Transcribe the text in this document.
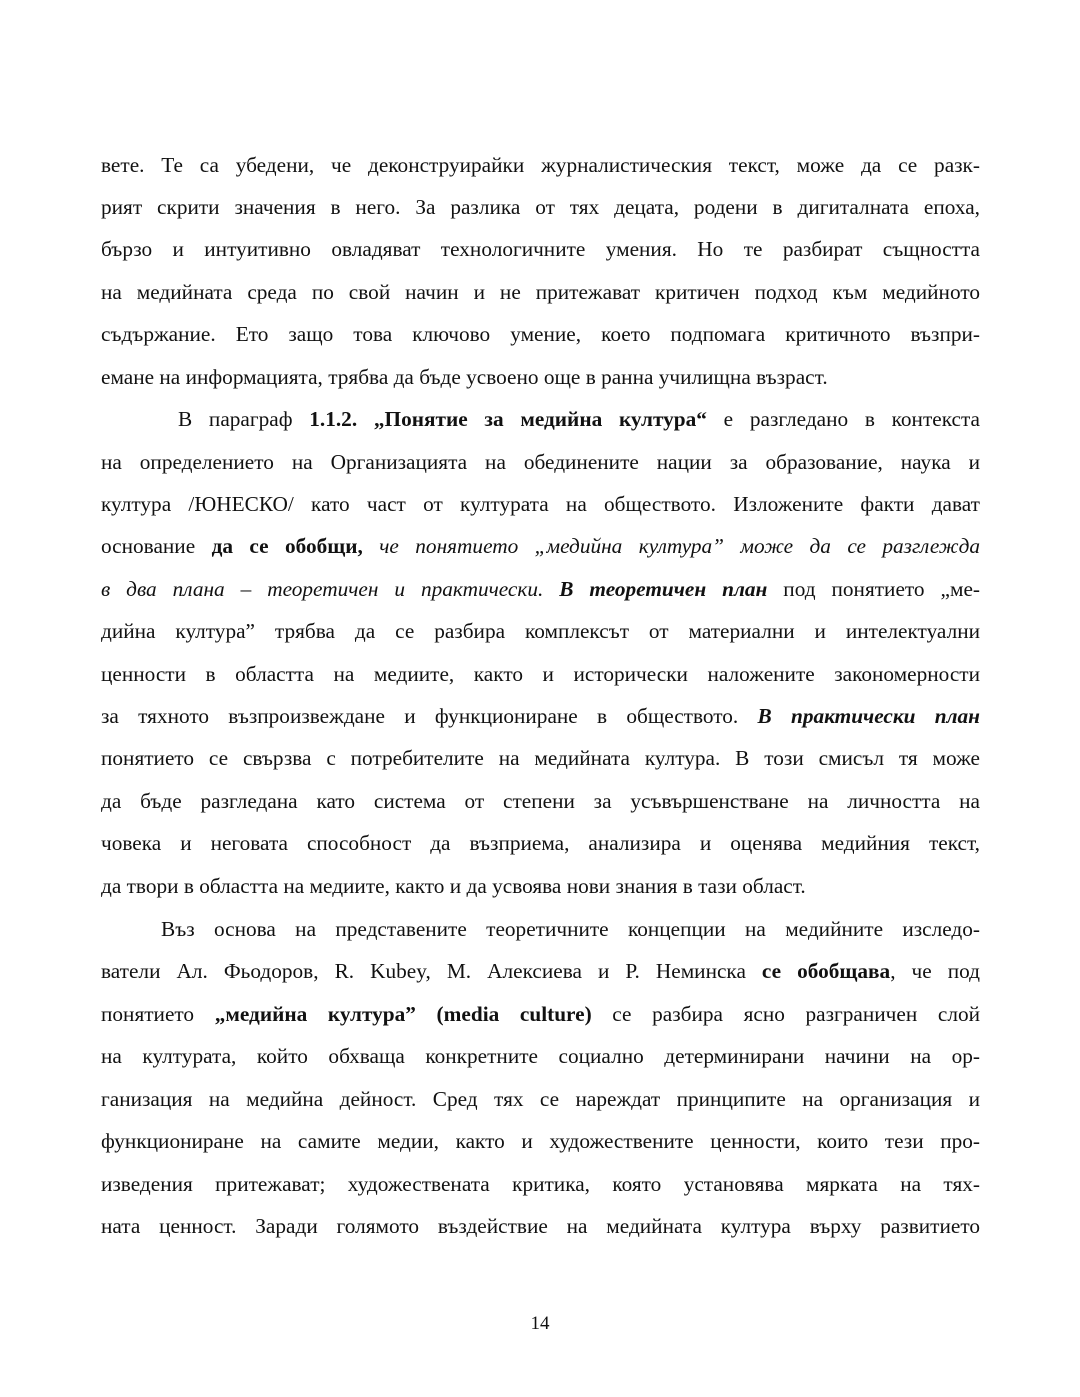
вете. Те са убедени, че деконструирайки журналистическия текст, може да се разк-
рият скрити значения в него. За разлика от тях децата, родени в дигиталната епоха,
бързо и интуитивно овладяват технологичните умения. Но те разбират същността
на медийната среда по свой начин и не притежават критичен подход към медийното
съдържание. Ето защо това ключово умение, което подпомага критичното възпри-
емане на информацията, трябва да бъде усвоено още в ранна училищна възраст.
В параграф 1.1.2. „Понятие за медийна култура“ е разгледано в контекста
на определението на Организацията на обединените нации за образование, наука и
култура /ЮНЕСКО/ като част от културата на обществото. Изложените факти дават
основание да се обобщи, че понятието „медийна култура” може да се разглежда
в два плана – теоретичен и практически. В теоретичен план под понятието „ме-
дийна култура” трябва да се разбира комплексът от материални и интелектуални
ценности в областта на медиите, както и исторически наложените закономерности
за тяхното възпроизвеждане и функциониране в обществото. В практически план
понятието се свързва с потребителите на медийната култура. В този смисъл тя може
да бъде разгледана като система от степени за усъвършенстване на личността на
човека и неговата способност да възприема, анализира и оценява медийния текст,
да твори в областта на медиите, както и да усвоява нови знания в тази област.
Въз основа на представените теоретичните концепции на медийните изследо-
ватели Ал. Фьодоров, R. Kubey, М. Алексиева и Р. Неминска се обобщава, че под
понятието „медийна култура” (media culture) се разбира ясно разграничен слой
на културата, който обхваща конкретните социално детерминирани начини на ор-
ганизация на медийна дейност. Сред тях се нареждат принципите на организация и
функциониране на самите медии, както и художествените ценности, които тези про-
изведения притежават; художествената критика, която установява мярката на тях-
ната ценност. Заради голямото въздействие на медийната култура върху развитието
14
